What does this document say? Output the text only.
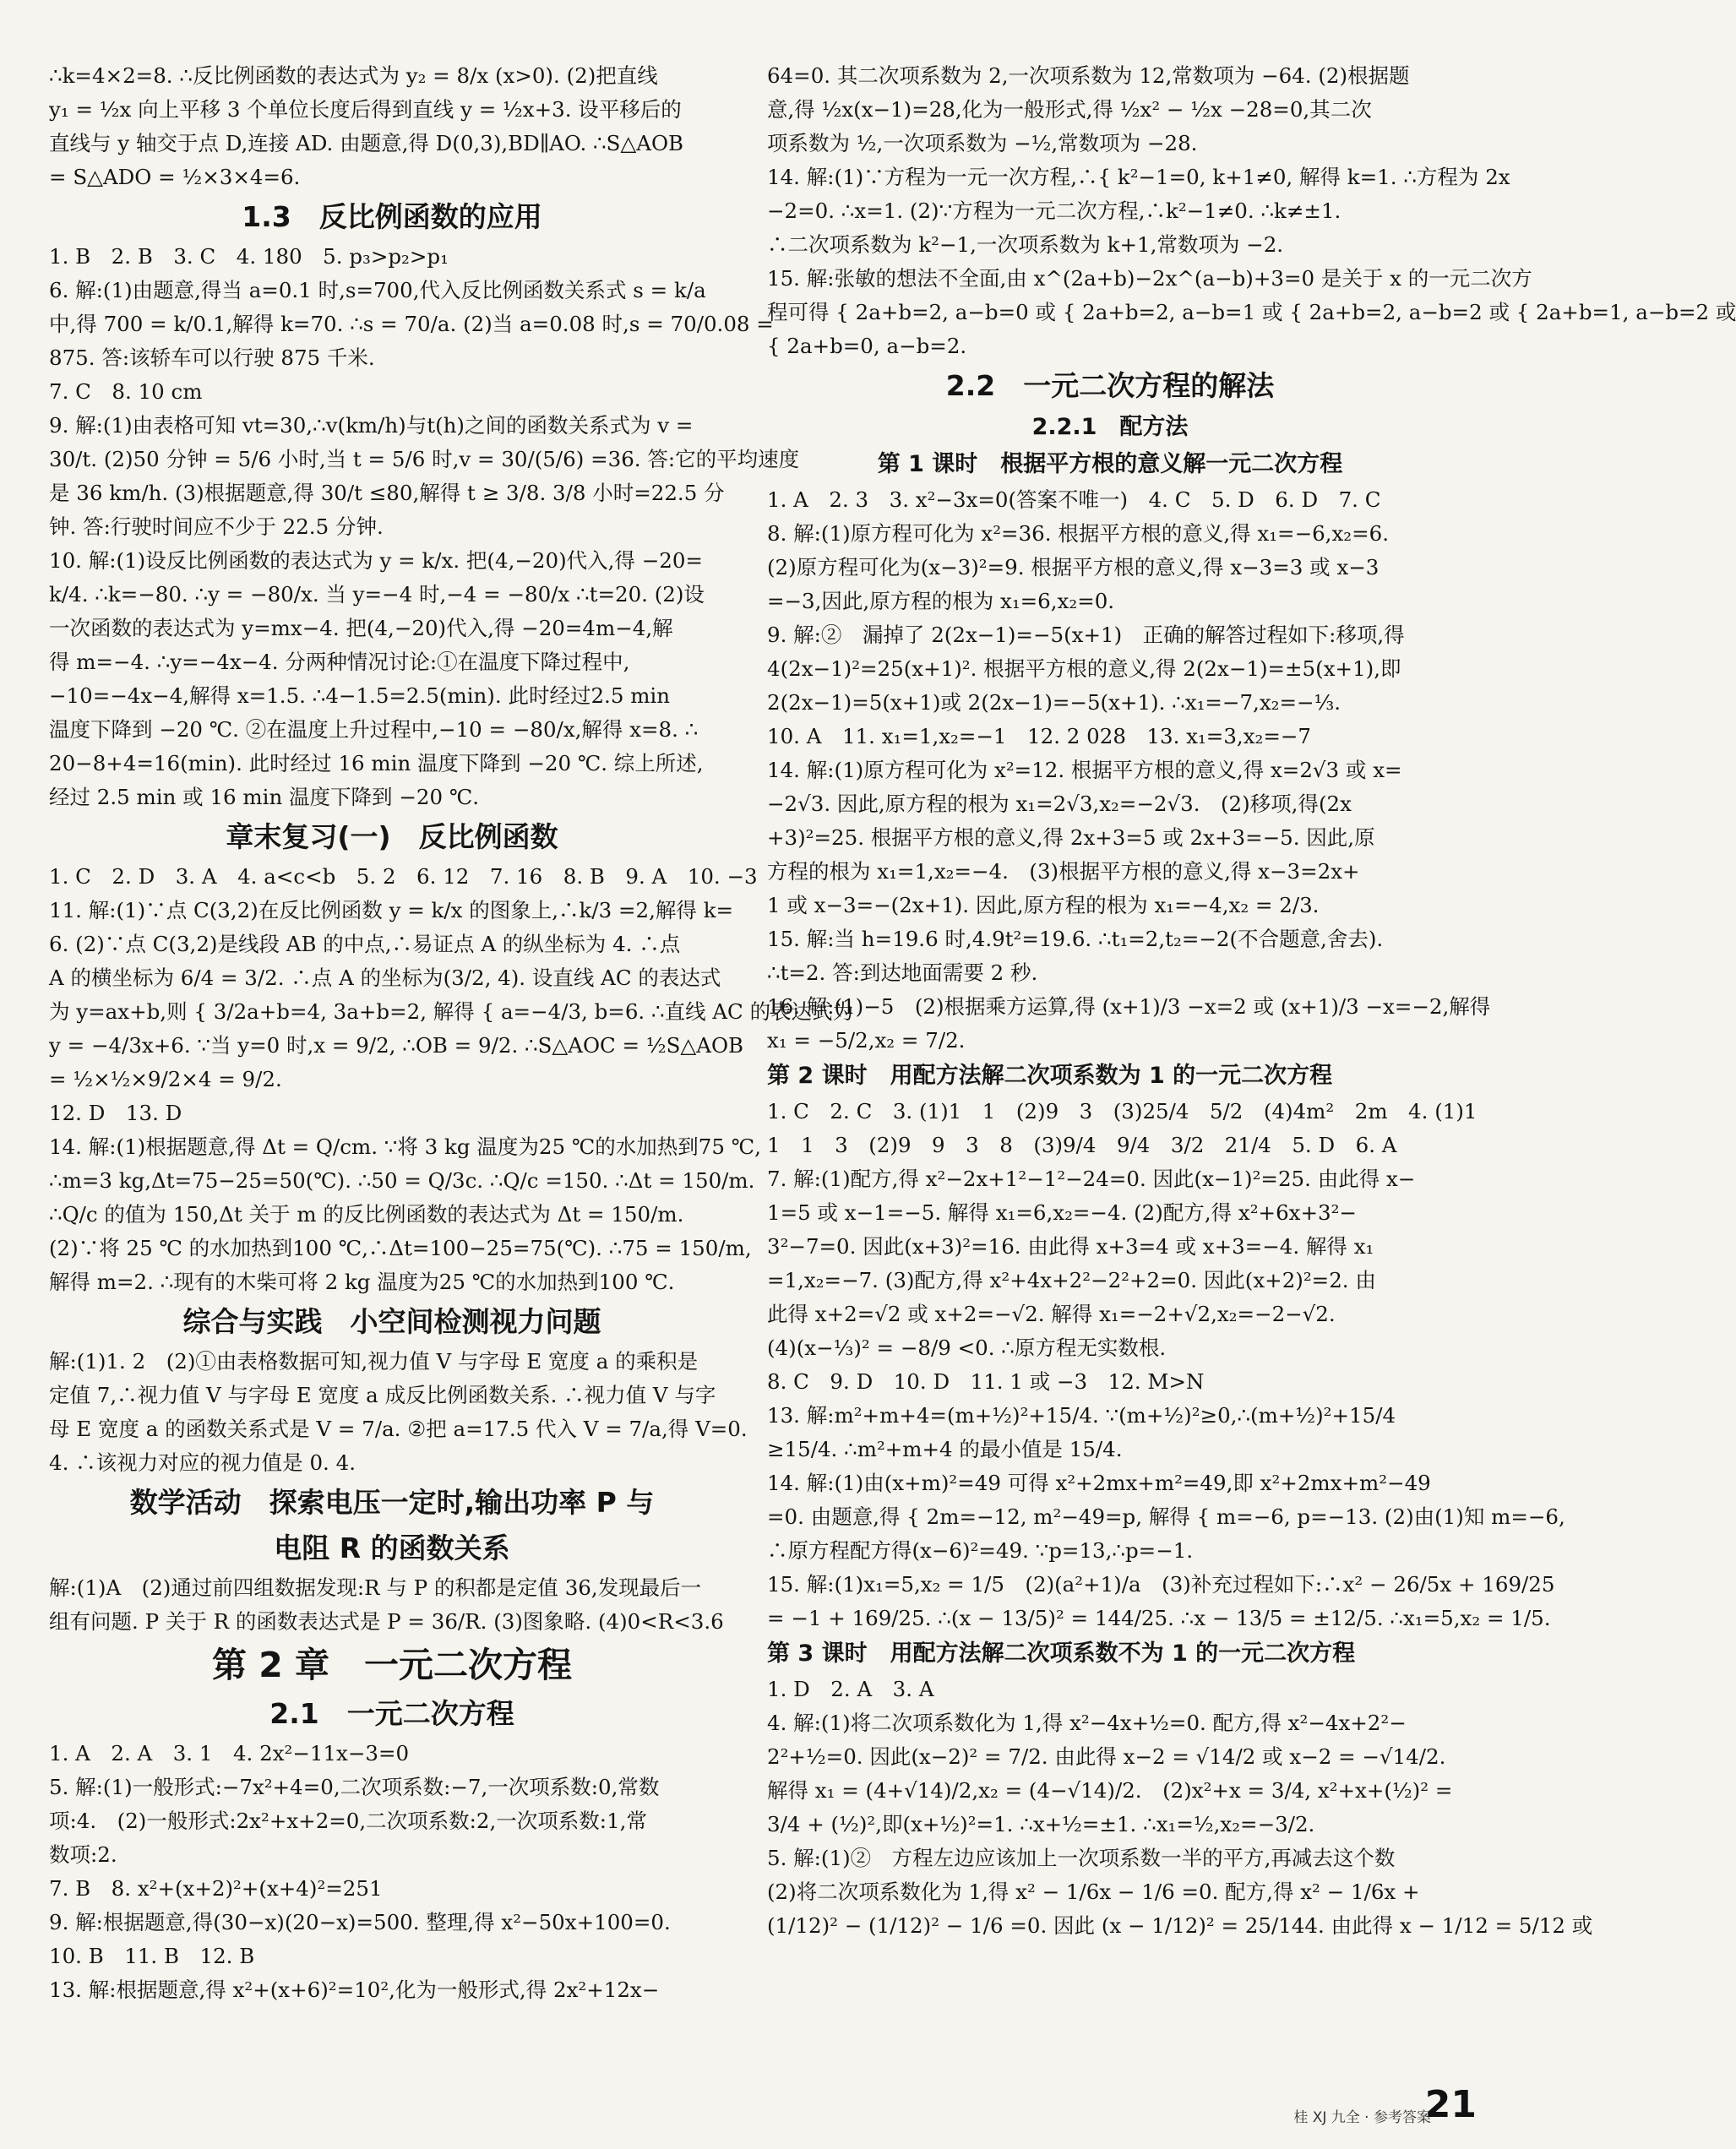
∴k=4×2=8. ∴反比例函数的表达式为 y₂ = 8/x (x>0). (2)把直线
y₁ = ½x 向上平移 3 个单位长度后得到直线 y = ½x+3. 设平移后的
直线与 y 轴交于点 D,连接 AD. 由题意,得 D(0,3),BD∥AO. ∴S△AOB
= S△ADO = ½×3×4=6.
1.3　反比例函数的应用
1. B　2. B　3. C　4. 180　5. p₃>p₂>p₁
6. 解:(1)由题意,得当 a=0.1 时,s=700,代入反比例函数关系式 s = k/a
中,得 700 = k/0.1,解得 k=70. ∴s = 70/a. (2)当 a=0.08 时,s = 70/0.08 =
875. 答:该轿车可以行驶 875 千米.
7. C　8. 10 cm
9. 解:(1)由表格可知 vt=30,∴v(km/h)与t(h)之间的函数关系式为 v =
30/t. (2)50 分钟 = 5/6 小时,当 t = 5/6 时,v = 30/(5/6) =36. 答:它的平均速度
是 36 km/h. (3)根据题意,得 30/t ≤80,解得 t ≥ 3/8. 3/8 小时=22.5 分
钟. 答:行驶时间应不少于 22.5 分钟.
10. 解:(1)设反比例函数的表达式为 y = k/x. 把(4,−20)代入,得 −20=
k/4. ∴k=−80. ∴y = −80/x. 当 y=−4 时,−4 = −80/x ∴t=20. (2)设
一次函数的表达式为 y=mx−4. 把(4,−20)代入,得 −20=4m−4,解
得 m=−4. ∴y=−4x−4. 分两种情况讨论:①在温度下降过程中,
−10=−4x−4,解得 x=1.5. ∴4−1.5=2.5(min). 此时经过2.5 min
温度下降到 −20 ℃. ②在温度上升过程中,−10 = −80/x,解得 x=8. ∴
20−8+4=16(min). 此时经过 16 min 温度下降到 −20 ℃. 综上所述,
经过 2.5 min 或 16 min 温度下降到 −20 ℃.
章末复习(一)　反比例函数
1. C　2. D　3. A　4. a<c<b　5. 2　6. 12　7. 16　8. B　9. A　10. −3
11. 解:(1)∵点 C(3,2)在反比例函数 y = k/x 的图象上,∴k/3 =2,解得 k=
6. (2)∵点 C(3,2)是线段 AB 的中点,∴易证点 A 的纵坐标为 4. ∴点
A 的横坐标为 6/4 = 3/2. ∴点 A 的坐标为(3/2, 4). 设直线 AC 的表达式
为 y=ax+b,则 { 3/2a+b=4, 3a+b=2, 解得 { a=−4/3, b=6. ∴直线 AC 的表达式为
y = −4/3x+6. ∵当 y=0 时,x = 9/2, ∴OB = 9/2. ∴S△AOC = ½S△AOB
= ½×½×9/2×4 = 9/2.
12. D　13. D
14. 解:(1)根据题意,得 Δt = Q/cm. ∵将 3 kg 温度为25 ℃的水加热到75 ℃,
∴m=3 kg,Δt=75−25=50(℃). ∴50 = Q/3c. ∴Q/c =150. ∴Δt = 150/m.
∴Q/c 的值为 150,Δt 关于 m 的反比例函数的表达式为 Δt = 150/m.
(2)∵将 25 ℃ 的水加热到100 ℃,∴Δt=100−25=75(℃). ∴75 = 150/m,
解得 m=2. ∴现有的木柴可将 2 kg 温度为25 ℃的水加热到100 ℃.
综合与实践　小空间检测视力问题
解:(1)1. 2　(2)①由表格数据可知,视力值 V 与字母 E 宽度 a 的乘积是
定值 7,∴视力值 V 与字母 E 宽度 a 成反比例函数关系. ∴视力值 V 与字
母 E 宽度 a 的函数关系式是 V = 7/a. ②把 a=17.5 代入 V = 7/a,得 V=0.
4. ∴该视力对应的视力值是 0. 4.
数学活动　探索电压一定时,输出功率 P 与
电阻 R 的函数关系
解:(1)A　(2)通过前四组数据发现:R 与 P 的积都是定值 36,发现最后一
组有问题. P 关于 R 的函数表达式是 P = 36/R. (3)图象略. (4)0<R<3.6
第 2 章　一元二次方程
2.1　一元二次方程
1. A　2. A　3. 1　4. 2x²−11x−3=0
5. 解:(1)一般形式:−7x²+4=0,二次项系数:−7,一次项系数:0,常数
项:4.　(2)一般形式:2x²+x+2=0,二次项系数:2,一次项系数:1,常
数项:2.
7. B　8. x²+(x+2)²+(x+4)²=251
9. 解:根据题意,得(30−x)(20−x)=500. 整理,得 x²−50x+100=0.
10. B　11. B　12. B
13. 解:根据题意,得 x²+(x+6)²=10²,化为一般形式,得 2x²+12x−
64=0. 其二次项系数为 2,一次项系数为 12,常数项为 −64. (2)根据题
意,得 ½x(x−1)=28,化为一般形式,得 ½x² − ½x −28=0,其二次
项系数为 ½,一次项系数为 −½,常数项为 −28.
14. 解:(1)∵方程为一元一次方程,∴{ k²−1=0, k+1≠0, 解得 k=1. ∴方程为 2x
−2=0. ∴x=1. (2)∵方程为一元二次方程,∴k²−1≠0. ∴k≠±1.
∴二次项系数为 k²−1,一次项系数为 k+1,常数项为 −2.
15. 解:张敏的想法不全面,由 x^(2a+b)−2x^(a−b)+3=0 是关于 x 的一元二次方
程可得 { 2a+b=2, a−b=0 或 { 2a+b=2, a−b=1 或 { 2a+b=2, a−b=2 或 { 2a+b=1, a−b=2 或
{ 2a+b=0, a−b=2.
2.2　一元二次方程的解法
2.2.1　配方法
第 1 课时　根据平方根的意义解一元二次方程
1. A　2. 3　3. x²−3x=0(答案不唯一)　4. C　5. D　6. D　7. C
8. 解:(1)原方程可化为 x²=36. 根据平方根的意义,得 x₁=−6,x₂=6.
(2)原方程可化为(x−3)²=9. 根据平方根的意义,得 x−3=3 或 x−3
=−3,因此,原方程的根为 x₁=6,x₂=0.
9. 解:②　漏掉了 2(2x−1)=−5(x+1)　正确的解答过程如下:移项,得
4(2x−1)²=25(x+1)². 根据平方根的意义,得 2(2x−1)=±5(x+1),即
2(2x−1)=5(x+1)或 2(2x−1)=−5(x+1). ∴x₁=−7,x₂=−⅓.
10. A　11. x₁=1,x₂=−1　12. 2 028　13. x₁=3,x₂=−7
14. 解:(1)原方程可化为 x²=12. 根据平方根的意义,得 x=2√3 或 x=
−2√3. 因此,原方程的根为 x₁=2√3,x₂=−2√3.　(2)移项,得(2x
+3)²=25. 根据平方根的意义,得 2x+3=5 或 2x+3=−5. 因此,原
方程的根为 x₁=1,x₂=−4.　(3)根据平方根的意义,得 x−3=2x+
1 或 x−3=−(2x+1). 因此,原方程的根为 x₁=−4,x₂ = 2/3.
15. 解:当 h=19.6 时,4.9t²=19.6. ∴t₁=2,t₂=−2(不合题意,舍去).
∴t=2. 答:到达地面需要 2 秒.
16. 解:(1)−5　(2)根据乘方运算,得 (x+1)/3 −x=2 或 (x+1)/3 −x=−2,解得
x₁ = −5/2,x₂ = 7/2.
第 2 课时　用配方法解二次项系数为 1 的一元二次方程
1. C　2. C　3. (1)1　1　(2)9　3　(3)25/4　5/2　(4)4m²　2m　4. (1)1
1　1　3　(2)9　9　3　8　(3)9/4　9/4　3/2　21/4　5. D　6. A
7. 解:(1)配方,得 x²−2x+1²−1²−24=0. 因此(x−1)²=25. 由此得 x−
1=5 或 x−1=−5. 解得 x₁=6,x₂=−4. (2)配方,得 x²+6x+3²−
3²−7=0. 因此(x+3)²=16. 由此得 x+3=4 或 x+3=−4. 解得 x₁
=1,x₂=−7. (3)配方,得 x²+4x+2²−2²+2=0. 因此(x+2)²=2. 由
此得 x+2=√2 或 x+2=−√2. 解得 x₁=−2+√2,x₂=−2−√2.
(4)(x−⅓)² = −8/9 <0. ∴原方程无实数根.
8. C　9. D　10. D　11. 1 或 −3　12. M>N
13. 解:m²+m+4=(m+½)²+15/4. ∵(m+½)²≥0,∴(m+½)²+15/4
≥15/4. ∴m²+m+4 的最小值是 15/4.
14. 解:(1)由(x+m)²=49 可得 x²+2mx+m²=49,即 x²+2mx+m²−49
=0. 由题意,得 { 2m=−12, m²−49=p, 解得 { m=−6, p=−13. (2)由(1)知 m=−6,
∴原方程配方得(x−6)²=49. ∵p=13,∴p=−1.
15. 解:(1)x₁=5,x₂ = 1/5　(2)(a²+1)/a　(3)补充过程如下:∴x² − 26/5x + 169/25
= −1 + 169/25. ∴(x − 13/5)² = 144/25. ∴x − 13/5 = ±12/5. ∴x₁=5,x₂ = 1/5.
第 3 课时　用配方法解二次项系数不为 1 的一元二次方程
1. D　2. A　3. A
4. 解:(1)将二次项系数化为 1,得 x²−4x+½=0. 配方,得 x²−4x+2²−
2²+½=0. 因此(x−2)² = 7/2. 由此得 x−2 = √14/2 或 x−2 = −√14/2.
解得 x₁ = (4+√14)/2,x₂ = (4−√14)/2.　(2)x²+x = 3/4, x²+x+(½)² =
3/4 + (½)²,即(x+½)²=1. ∴x+½=±1. ∴x₁=½,x₂=−3/2.
5. 解:(1)②　方程左边应该加上一次项系数一半的平方,再减去这个数
(2)将二次项系数化为 1,得 x² − 1/6x − 1/6 =0. 配方,得 x² − 1/6x +
(1/12)² − (1/12)² − 1/6 =0. 因此 (x − 1/12)² = 25/144. 由此得 x − 1/12 = 5/12 或
桂 XJ 九全 · 参考答案
21
